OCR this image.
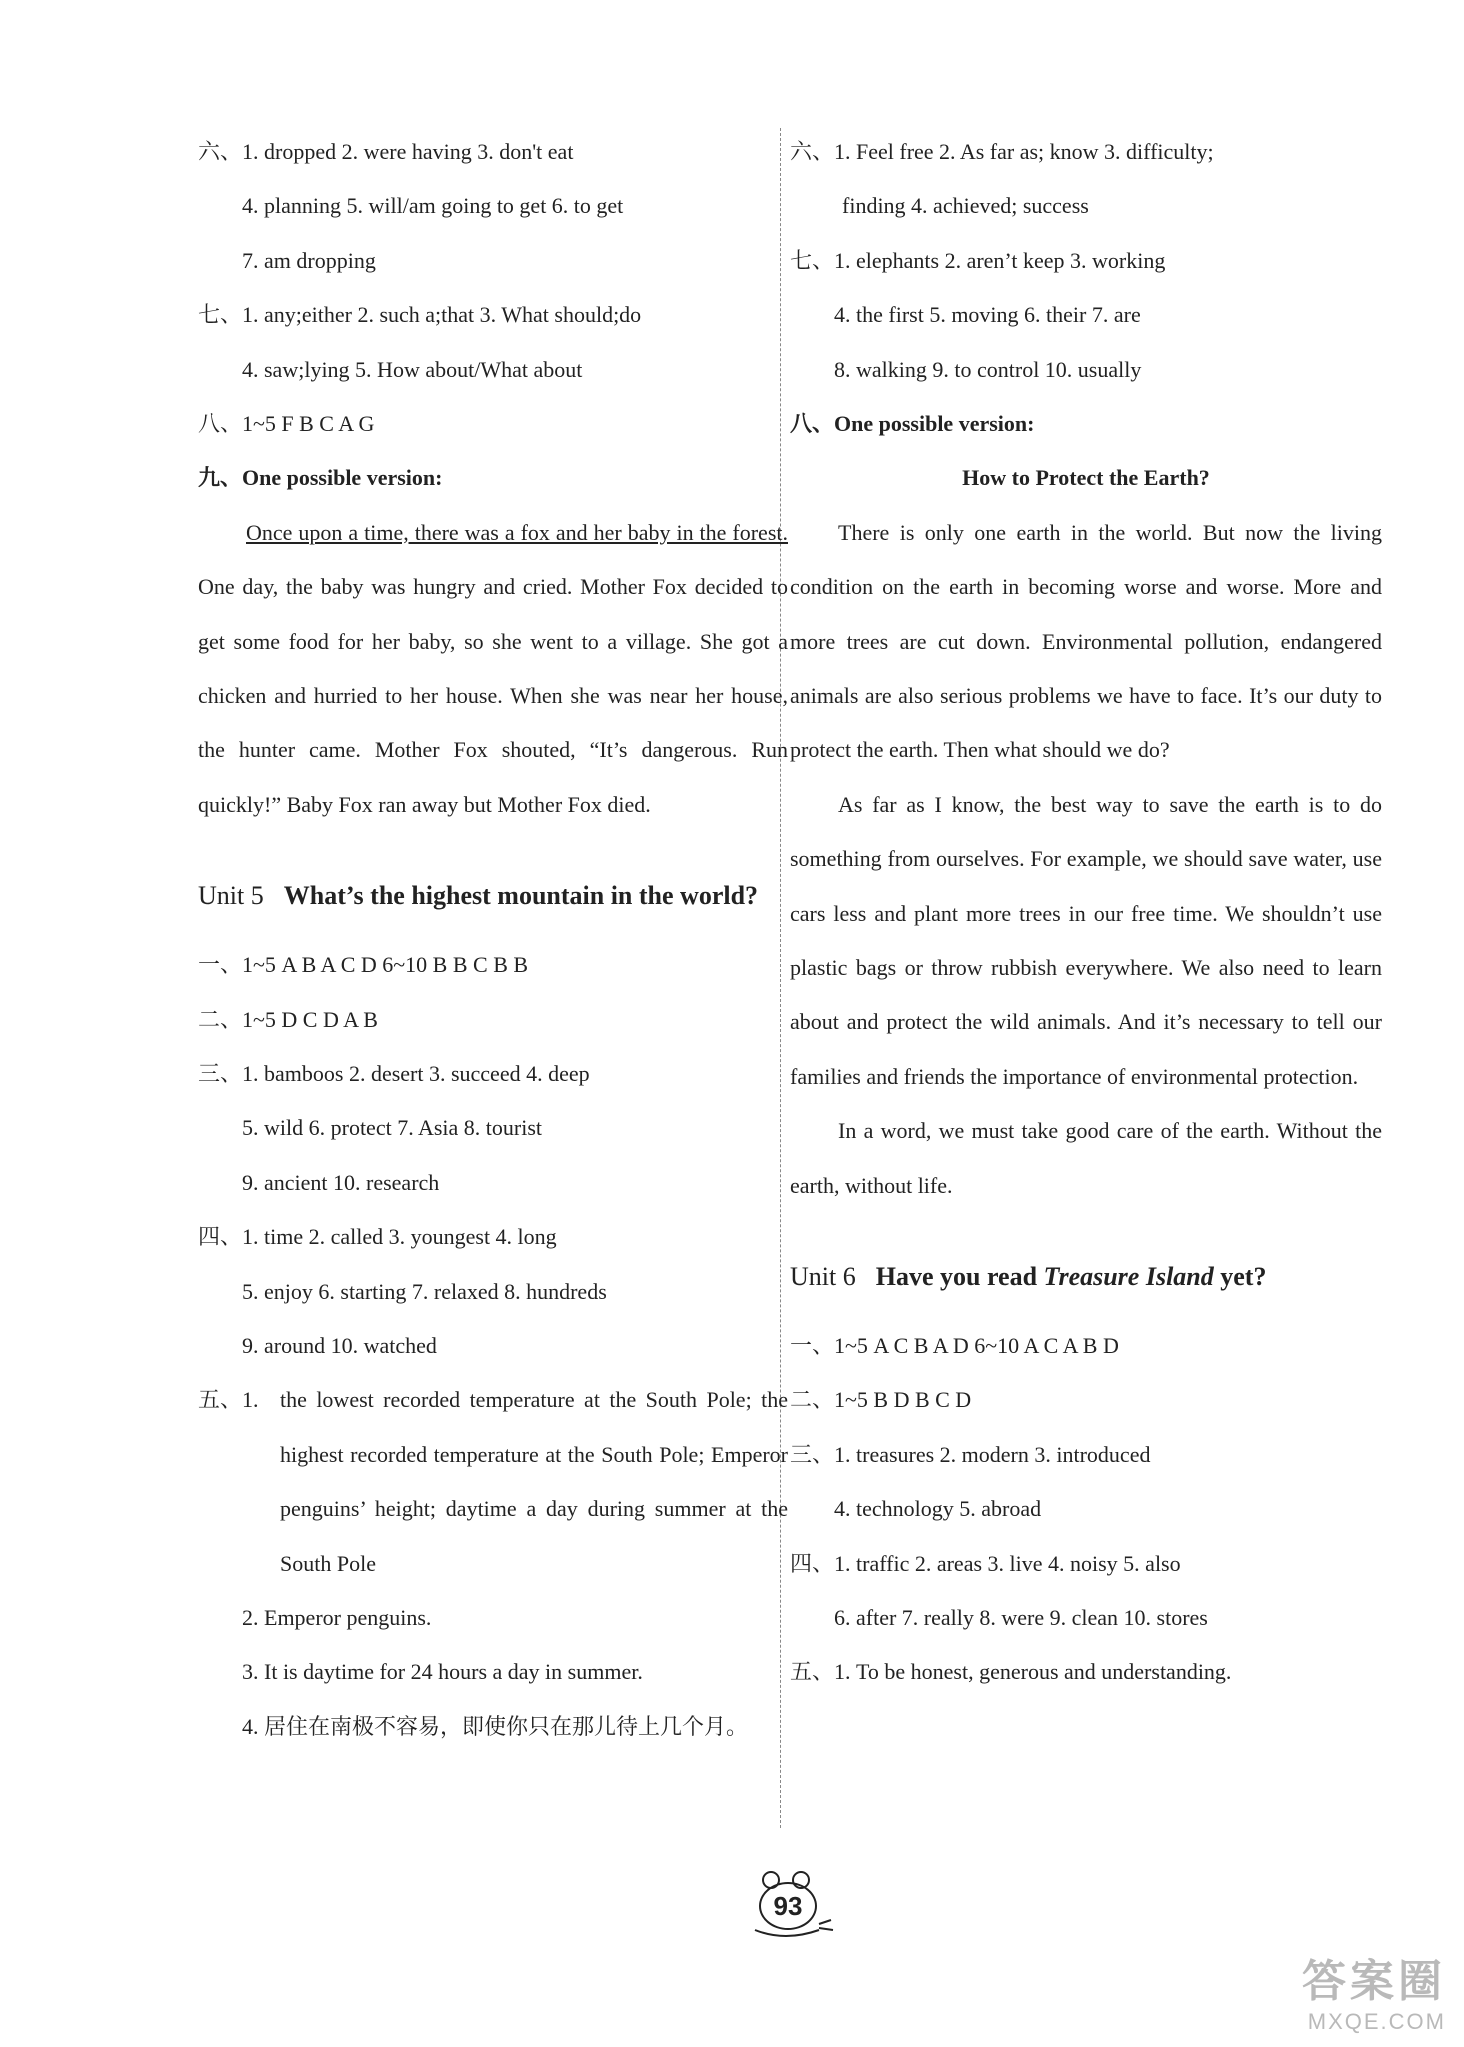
六、1. dropped 2. were having 3. don't eat
4. planning 5. will/am going to get 6. to get
7. am dropping
七、1. any;either 2. such a;that 3. What should;do
4. saw;lying 5. How about/What about
八、1~5 F B C A G
九、One possible version:
Once upon a time, there was a fox and her baby in the forest. One day, the baby was hungry and cried. Mother Fox decided to get some food for her baby, so she went to a village. She got a chicken and hurried to her house. When she was near her house, the hunter came. Mother Fox shouted, “It’s dangerous. Run quickly!” Baby Fox ran away but Mother Fox died.
Unit 5 What’s the highest mountain in the world?
一、1~5 A B A C D 6~10 B B C B B
二、1~5 D C D A B
三、1. bamboos 2. desert 3. succeed 4. deep
5. wild 6. protect 7. Asia 8. tourist
9. ancient 10. research
四、1. time 2. called 3. youngest 4. long
5. enjoy 6. starting 7. relaxed 8. hundreds
9. around 10. watched
五、1. the lowest recorded temperature at the South Pole; the highest recorded temperature at the South Pole; Emperor penguins’ height; daytime a day during summer at the South Pole
2. Emperor penguins.
3. It is daytime for 24 hours a day in summer.
4. 居住在南极不容易，即使你只在那儿待上几个月。
六、1. Feel free 2. As far as; know 3. difficulty;
finding 4. achieved; success
七、1. elephants 2. aren’t keep 3. working
4. the first 5. moving 6. their 7. are
8. walking 9. to control 10. usually
八、One possible version:
How to Protect the Earth?

There is only one earth in the world. But now the living condition on the earth in becoming worse and worse. More and more trees are cut down. Environmental pollution, endangered animals are also serious problems we have to face. It’s our duty to protect the earth. Then what should we do?

As far as I know, the best way to save the earth is to do something from ourselves. For example, we should save water, use cars less and plant more trees in our free time. We shouldn’t use plastic bags or throw rubbish everywhere. We also need to learn about and protect the wild animals. And it’s necessary to tell our families and friends the importance of environmental protection.

In a word, we must take good care of the earth. Without the earth, without life.

Unit 6 Have you read Treasure Island yet?
一、1~5 A C B A D 6~10 A C A B D
二、1~5 B D B C D
三、1. treasures 2. modern 3. introduced
4. technology 5. abroad
四、1. traffic 2. areas 3. live 4. noisy 5. also
6. after 7. really 8. were 9. clean 10. stores
五、1. To be honest, generous and understanding.
93
答案圈
MXQE.COM
